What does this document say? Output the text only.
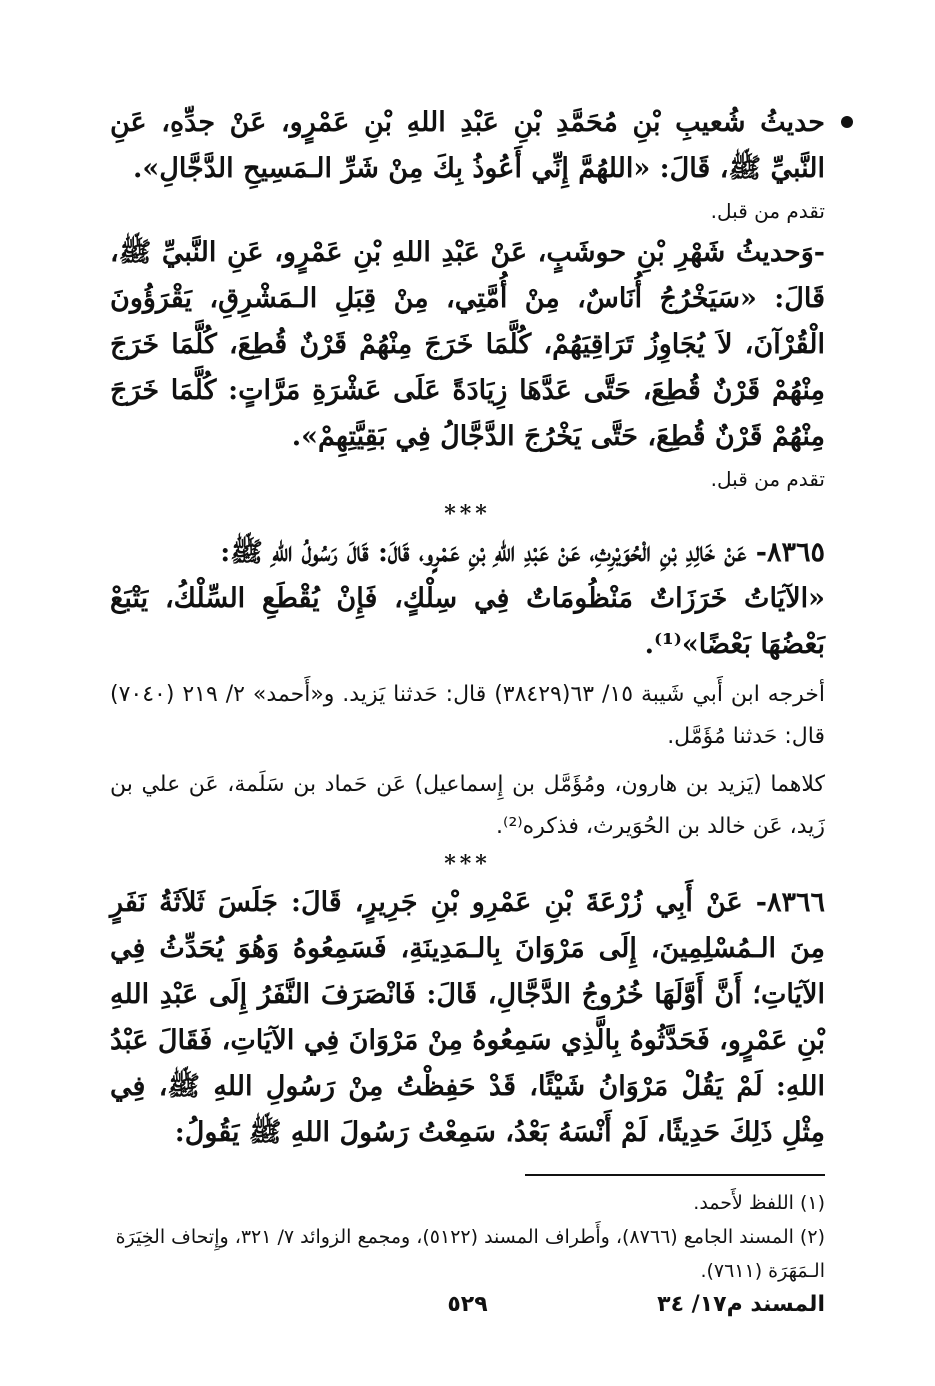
حديثُ شُعيبِ بْنِ مُحَمَّدِ بْنِ عَبْدِ اللهِ بْنِ عَمْرٍو، عَنْ جدِّهِ، عَنِ النَّبيِّ ﷺ، قَالَ: «اللهُمَّ إِنِّي أَعُوذُ بِكَ مِنْ شَرِّ الـمَسِيحِ الدَّجَّالِ».

تقدم من قبل.

-وَحديثُ شَهْرِ بْنِ حوشَبٍ، عَنْ عَبْدِ اللهِ بْنِ عَمْرٍو، عَنِ النَّبيِّ ﷺ، قَالَ: «سَيَخْرُجُ أُنَاسٌ، مِنْ أُمَّتِي، مِنْ قِبَلِ الـمَشْرِقِ، يَقْرَؤُونَ الْقُرْآنَ، لاَ يُجَاوِزُ تَرَاقِيَهُمْ، كُلَّمَا خَرَجَ مِنْهُمْ قَرْنٌ قُطِعَ، كُلَّمَا خَرَجَ مِنْهُمْ قَرْنٌ قُطِعَ، حَتَّى عَدَّهَا زِيَادَةً عَلَى عَشْرَةِ مَرَّاتٍ: كُلَّمَا خَرَجَ مِنْهُمْ قَرْنٌ قُطِعَ، حَتَّى يَخْرُجَ الدَّجَّالُ فِي بَقِيَّتِهِمْ».

تقدم من قبل.

***

٨٣٦٥- عَنْ خَالِدِ بْنِ الْحُوَيْرِثِ، عَنْ عَبْدِ اللهِ بْنِ عَمْرٍو، قَالَ: قَالَ رَسُولُ اللهِ ﷺ:

«الآيَاتُ خَرَزَاتٌ مَنْظُومَاتٌ فِي سِلْكٍ، فَإِنْ يُقْطَعِ السِّلْكُ، يَتْبَعْ بَعْضُهَا بَعْضًا»⁽¹⁾.

أخرجه ابن أَبي شَيبة ١٥/ ٦٣(٣٨٤٢٩) قال: حَدثنا يَزيد. و«أَحمد» ٢/ ٢١٩ (٧٠٤٠) قال: حَدثنا مُؤَمَّل.

كلاهما (يَزيد بن هارون، ومُؤَمَّل بن إِسماعيل) عَن حَماد بن سَلَمة، عَن علي بن زَيد، عَن خالد بن الحُوَيرث، فذكره⁽²⁾.

***

٨٣٦٦- عَنْ أَبِي زُرْعَةَ بْنِ عَمْرِو بْنِ جَرِيرٍ، قَالَ: جَلَسَ ثَلاَثَةُ نَفَرٍ مِنَ الـمُسْلِمِينَ، إِلَى مَرْوَانَ بِالـمَدِينَةِ، فَسَمِعُوهُ وَهُوَ يُحَدِّثُ فِي الآيَاتِ؛ أَنَّ أَوَّلَهَا خُرُوجُ الدَّجَّالِ، قَالَ: فَانْصَرَفَ النَّفَرُ إِلَى عَبْدِ اللهِ بْنِ عَمْرٍو، فَحَدَّثُوهُ بِالَّذِي سَمِعُوهُ مِنْ مَرْوَانَ فِي الآيَاتِ، فَقَالَ عَبْدُ اللهِ: لَمْ يَقُلْ مَرْوَانُ شَيْئًا، قَدْ حَفِظْتُ مِنْ رَسُولِ اللهِ ﷺ، فِي مِثْلِ ذَلِكَ حَدِيثًا، لَمْ أَنْسَهُ بَعْدُ، سَمِعْتُ رَسُولَ اللهِ ﷺ يَقُولُ:

(١) اللفظ لأَحمد.

(٢) المسند الجامع (٨٧٦٦)، وأَطراف المسند (٥١٢٢)، ومجمع الزوائد ٧/ ٣٢١، وإِتحاف الخِيَرَة الـمَهَرَة (٧٦١١).

المسند م١٧/ ٣٤
٥٢٩
